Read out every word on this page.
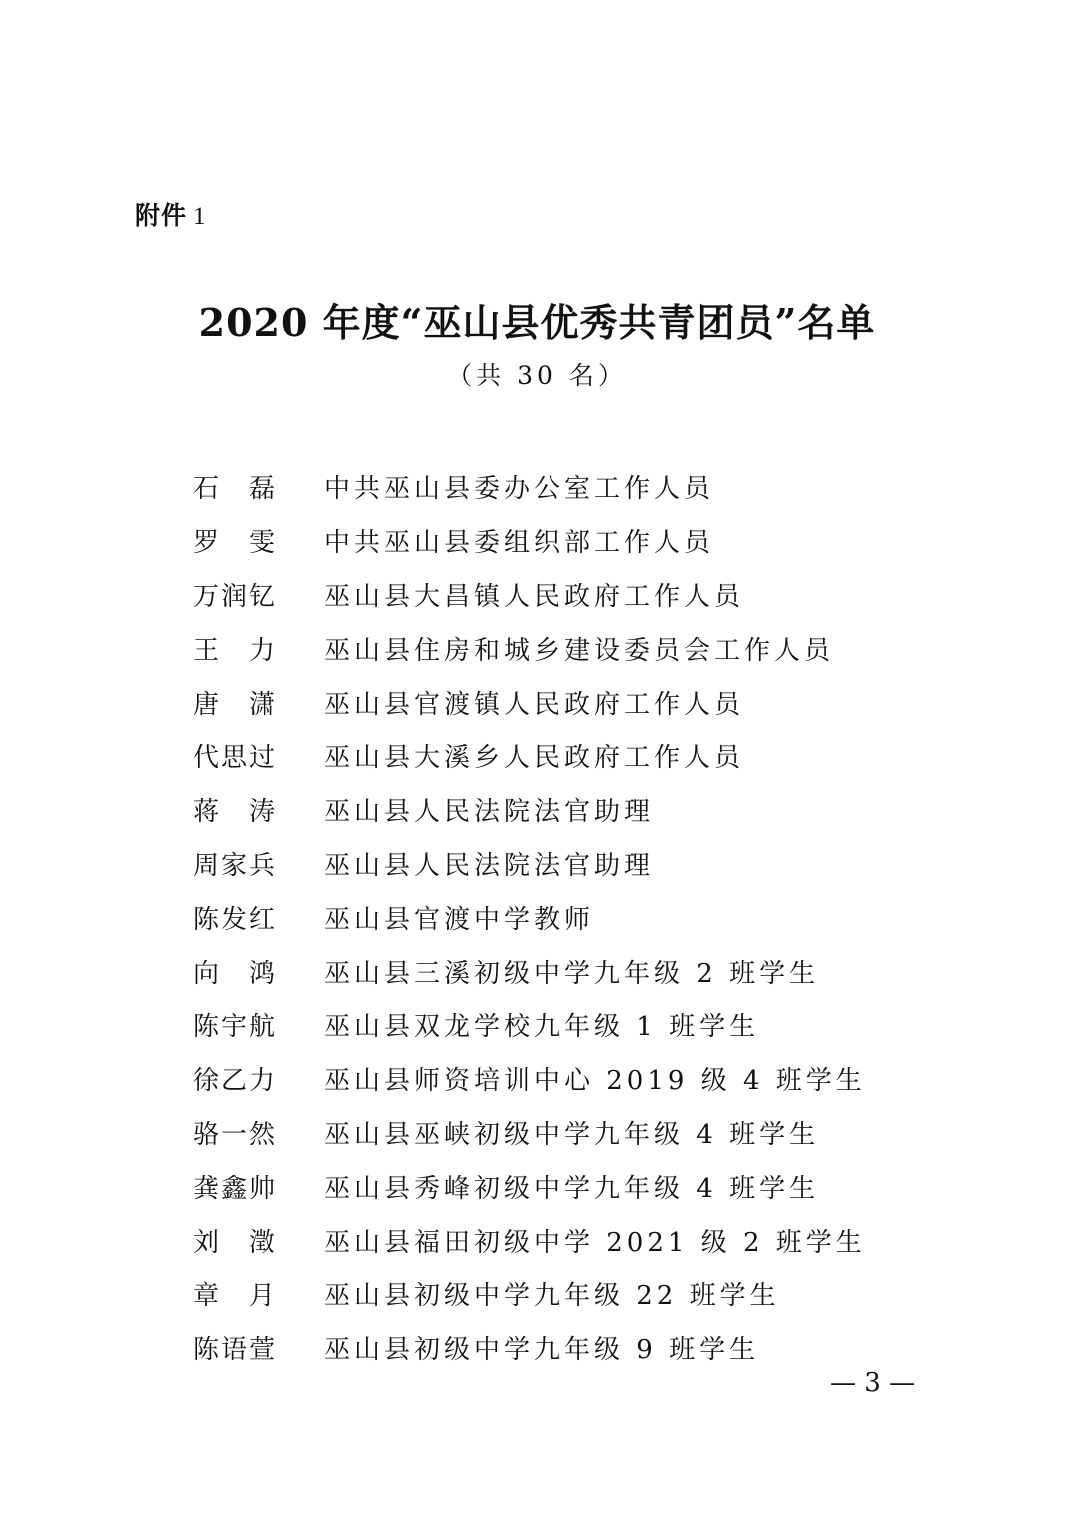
附件 1
2020 年度“巫山县优秀共青团员”名单
（共 30 名）
石磊 中共巫山县委办公室工作人员
罗雯 中共巫山县委组织部工作人员
万润钇	巫山县大昌镇人民政府工作人员
王力 巫山县住房和城乡建设委员会工作人员
唐潇 巫山县官渡镇人民政府工作人员
代思过	巫山县大溪乡人民政府工作人员
蒋涛 巫山县人民法院法官助理
周家兵	巫山县人民法院法官助理
陈发红	巫山县官渡中学教师
向鸿 巫山县三溪初级中学九年级 2 班学生
陈宇航	巫山县双龙学校九年级 1 班学生
徐乙力	巫山县师资培训中心 2019 级 4 班学生
骆一然	巫山县巫峡初级中学九年级 4 班学生
龚鑫帅	巫山县秀峰初级中学九年级 4 班学生
刘澂 巫山县福田初级中学 2021 级 2 班学生
章月 巫山县初级中学九年级 22 班学生
陈语萱	巫山县初级中学九年级 9 班学生
— 3 —
